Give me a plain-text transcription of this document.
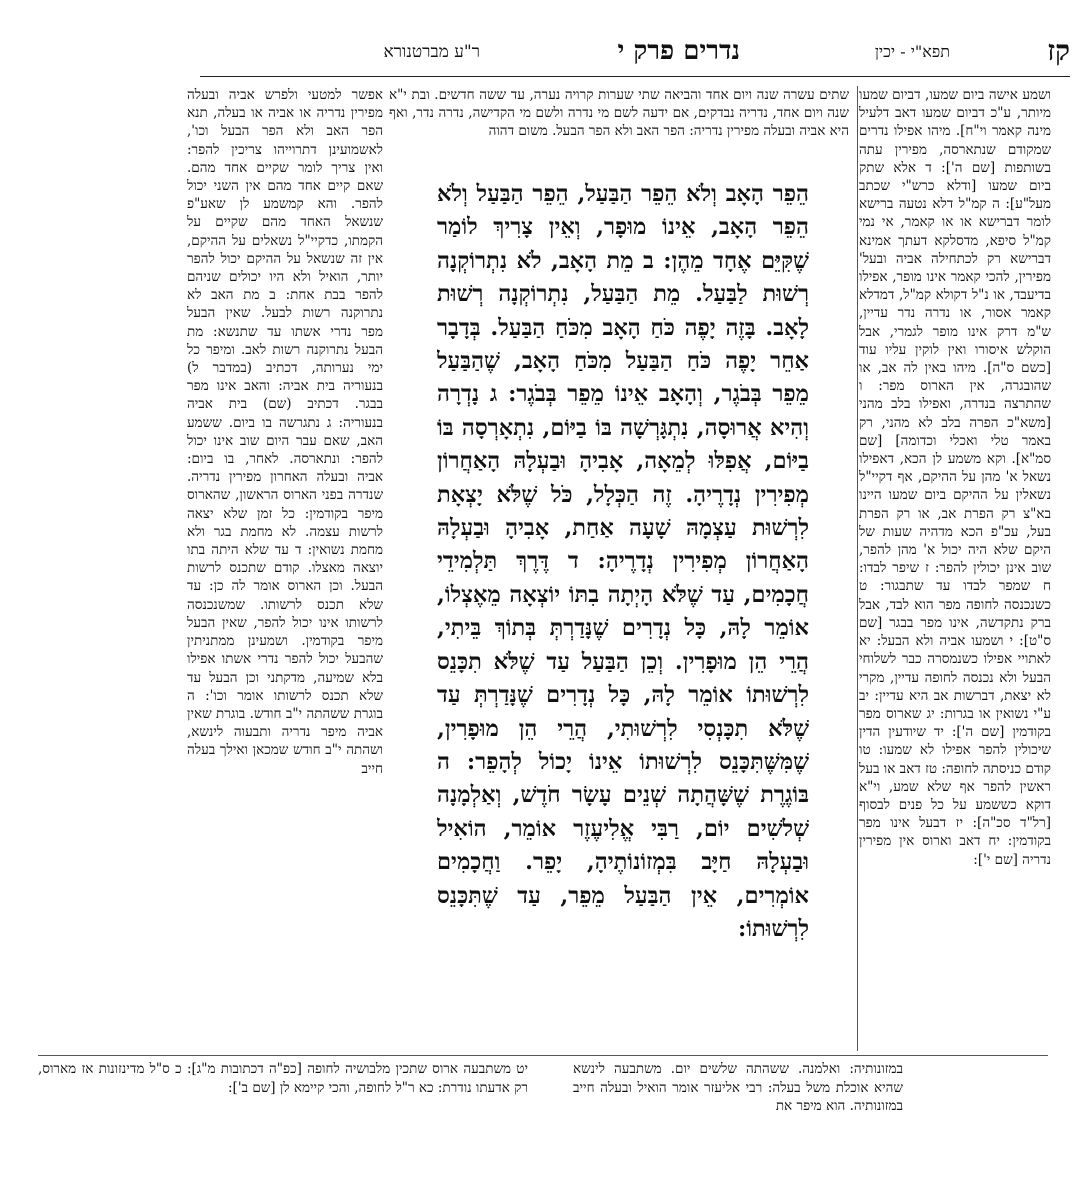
קז
תפא"י - יכין
נדרים פרק י
ר"ע מברטנורא

ושמע אישה ביום שמעו, דביום שמעו מיותר, ע"כ דביום שמעו דאב דלעיל מינה קאמר וי"ח]. מיהו אפילו נדרים שמקודם שנתארסה, מפירין עתה בשותפות [שם ה']: ד אלא שתק ביום שמעו [ודלא כרש"י שכתב מעל"ע]: ה קמ"ל דלא נטעה ברישא לומר דברישא או או קאמר, אי נמי קמ"ל סיפא, מדסלקא דעתך אמינא דברישא רק לכתחילה אביה ובעל' מפירין, להכי קאמר אינו מופר, אפילו בדיעבד, או נ"ל דקולא קמ"ל, דמדלא קאמר אסור, או נדרה נדר עדיין, ש"מ דרק אינו מופר לגמרי, אבל הוקלש איסורו ואין לוקין עליו עוד [כשם ס"ה]. מיהו באין לה אב, או שהובגרה, אין הארוס מפר: ו שהתרצה בנדרה, ואפילו בלב מהני [משא"כ הפרה בלב לא מהני, רק באמר טלי ואכלי וכדומה] [שם סמ"א]. וקא משמע לן הכא, דאפילו נשאל א' מהן על ההיקם, אף דקיי"ל נשאלין על ההיקם ביום שמעו היינו בא"צ רק הפרת אב, או רק הפרת בעל, עכ"פ הכא מדהיה שעות של היקם שלא היה יכול א' מהן להפר, שוב אינן יכולין להפר: ז שיפר לבדו: ח שמפר לבדו עד שתבגור: ט כשנכנסה לחופה מפר הוא לבד, אבל ברק נתקדשה, אינו מפר בבגר [שם ס"ט]: י ושמעו אביה ולא הבעל: יא לאתויי אפילו כשנמסרה כבר לשלוחי הבעל ולא נכנסה לחופה עדיין, מקרי לא יצאת, דברשות אב היא עדיין: יב ע"י נשואין או בגרות: יג שארוס מפר בקודמין [שם ה']: יד שיודעין הדין שיכולין להפר אפילו לא שמעו: טו קודם כניסתה לחופה: טז דאב או בעל ראשין להפר אף שלא שמע, וי"א דוקא כששמע על כל פנים לבסוף [רל"ד סכ"ה]: יז דבעל אינו מפר בקודמין: יח דאב וארוס אין מפירין נדריה [שם י']:

שתים עשרה שנה ויום אחד והביאה שתי שערות קרויה נערה, עד ששה חדשים. ובת י"א שנה ויום אחד, נדריה נבדקים, אם ידעה לשם מי נדרה ולשם מי הקדישה, נדרה נדר, ואף היא אביה ובעלה מפירין נדריה: הפר האב ולא הפר הבעל. משום דהוה

הֵפֵר הָאָב וְלֹא הֵפֵר הַבַּעַל, הֵפֵר הַבַּעַל וְלֹא הֵפֵר הָאָב, אֵינוֹ מוּפָר, וְאֵין צָרִיךְ לוֹמַר שֶׁקִּיֵּם אֶחָד מֵהֶן: ב מֵת הָאָב, לֹא נִתְרוֹקְנָה רְשׁוּת לַבַּעַל. מֵת הַבַּעַל, נִתְרוֹקְנָה רְשׁוּת לָאָב. בָּזֶה יָפֶה כֹּחַ הָאָב מִכֹּחַ הַבַּעַל. בְּדָבָר אַחֵר יָפֶה כֹּחַ הַבַּעַל מִכֹּחַ הָאָב, שֶׁהַבַּעַל מֵפֵר בְּבֹגֶר, וְהָאָב אֵינוֹ מֵפֵר בְּבֹגֶר: ג נָדְרָה וְהִיא אֲרוּסָה, נִתְגָּרְשָׁה בּוֹ בַיּוֹם, נִתְאָרְסָה בּוֹ בַיּוֹם, אֲפִלּוּ לְמֵאָה, אָבִיהָ וּבַעְלָהּ הָאַחֲרוֹן מְפִירִין נְדָרֶיהָ. זֶה הַכְּלָל, כֹּל שֶׁלֹּא יָצְאָת לִרְשׁוּת עַצְמָהּ שָׁעָה אַחַת, אָבִיהָ וּבַעְלָהּ הָאַחֲרוֹן מְפִירִין נְדָרֶיהָ: ד דֶּרֶךְ תַּלְמִידֵי חֲכָמִים, עַד שֶׁלֹּא הָיְתָה בִתּוֹ יוֹצְאָה מֵאֶצְלוֹ, אוֹמֵר לָהּ, כָּל נְדָרִים שֶׁנָּדַרְתְּ בְּתוֹךְ בֵּיתִי, הֲרֵי הֵן מוּפָרִין. וְכֵן הַבַּעַל עַד שֶׁלֹּא תִכָּנֵס לִרְשׁוּתוֹ אוֹמֵר לָהּ, כָּל נְדָרִים שֶׁנָּדַרְתְּ עַד שֶׁלֹּא תִכָּנְסִי לִרְשׁוּתִי, הֲרֵי הֵן מוּפָרִין, שֶׁמִּשֶּׁתִּכָּנֵס לִרְשׁוּתוֹ אֵינוֹ יָכוֹל לְהָפֵר: ה בּוֹגֶרֶת שֶׁשָּׁהֲתָה שְׁנֵים עָשָׂר חֹדֶשׁ, וְאַלְמָנָה שְׁלֹשִׁים יוֹם, רַבִּי אֱלִיעֶזֶר אוֹמֵר, הוֹאִיל וּבַעְלָהּ חַיָּב בִּמְזוֹנוֹתֶיהָ, יָפֵר. וַחֲכָמִים אוֹמְרִים, אֵין הַבַּעַל מֵפֵר, עַד שֶׁתִּכָּנֵס לִרְשׁוּתוֹ:

אפשר למטעי ולפרש אביה ובעלה מפירין נדריה או אביה או בעלה, תנא הפר האב ולא הפר הבעל וכו', לאשמועינן דתרוייהו צריכין להפר: ואין צריך לומר שקיים אחד מהם. שאם קיים אחד מהם אין השני יכול להפר. והא קמשמע לן שאע"פ שנשאל האחד מהם שקיים על הקמתו, כדקיי"ל נשאלים על ההיקם, אין זה שנשאל על ההיקם יכול להפר יותר, הואיל ולא היו יכולים שניהם להפר בבת אחת: ב מת האב לא נתרוקנה רשות לבעל. שאין הבעל מפר נדרי אשתו עד שתנשא: מת הבעל נתרוקנה רשות לאב. ומיפר כל ימי נערותה, דכתיב (במדבר ל) בנעוריה בית אביה: והאב אינו מפר בבגר. דכתיב (שם) בית אביה בנעוריה: ג נתגרשה בו ביום. ששמע האב, שאם עבר היום שוב אינו יכול להפר: ונתארסה. לאחר, בו ביום: אביה ובעלה האחרון מפירין נדריה. שנדרה בפני הארוס הראשון, שהארוס מיפר בקודמין: כל זמן שלא יצאה לרשות עצמה. לא מחמת בגר ולא מחמת נשואין: ד עד שלא היתה בתו יוצאה מאצלו. קודם שתכנס לרשות הבעל. וכן הארוס אומר לה כן: עד שלא תכנס לרשותו. שמשנכנסה לרשותו אינו יכול להפר, שאין הבעל מיפר בקודמין. ושמעינן ממתניתין שהבעל יכול להפר נדרי אשתו אפילו בלא שמיעה, מדקתני וכן הבעל עד שלא תכנס לרשותו אומר וכו': ה בוגרת ששהתה י"ב חודש. בוגרת שאין אביה מיפר נדריה ותבעוה לינשא, ושהתה י"ב חודש שמכאן ואילך בעלה חייב

במזונותיה: ואלמנה. ששהתה שלשים יום. משתבעה לינשא שהיא אוכלת משל בעלה: רבי אליעזר אומר הואיל ובעלה חייב במזונותיה. הוא מיפר את

יט משתבעה ארוס שתכין מלבושיה לחופה [כפ"ה דכתובות מ"ג]: כ ס"ל מדינזונות אז מארוס, רק אדעתו נודרת: כא ר"ל לחופה, והכי קיימא לן [שם ב']:
